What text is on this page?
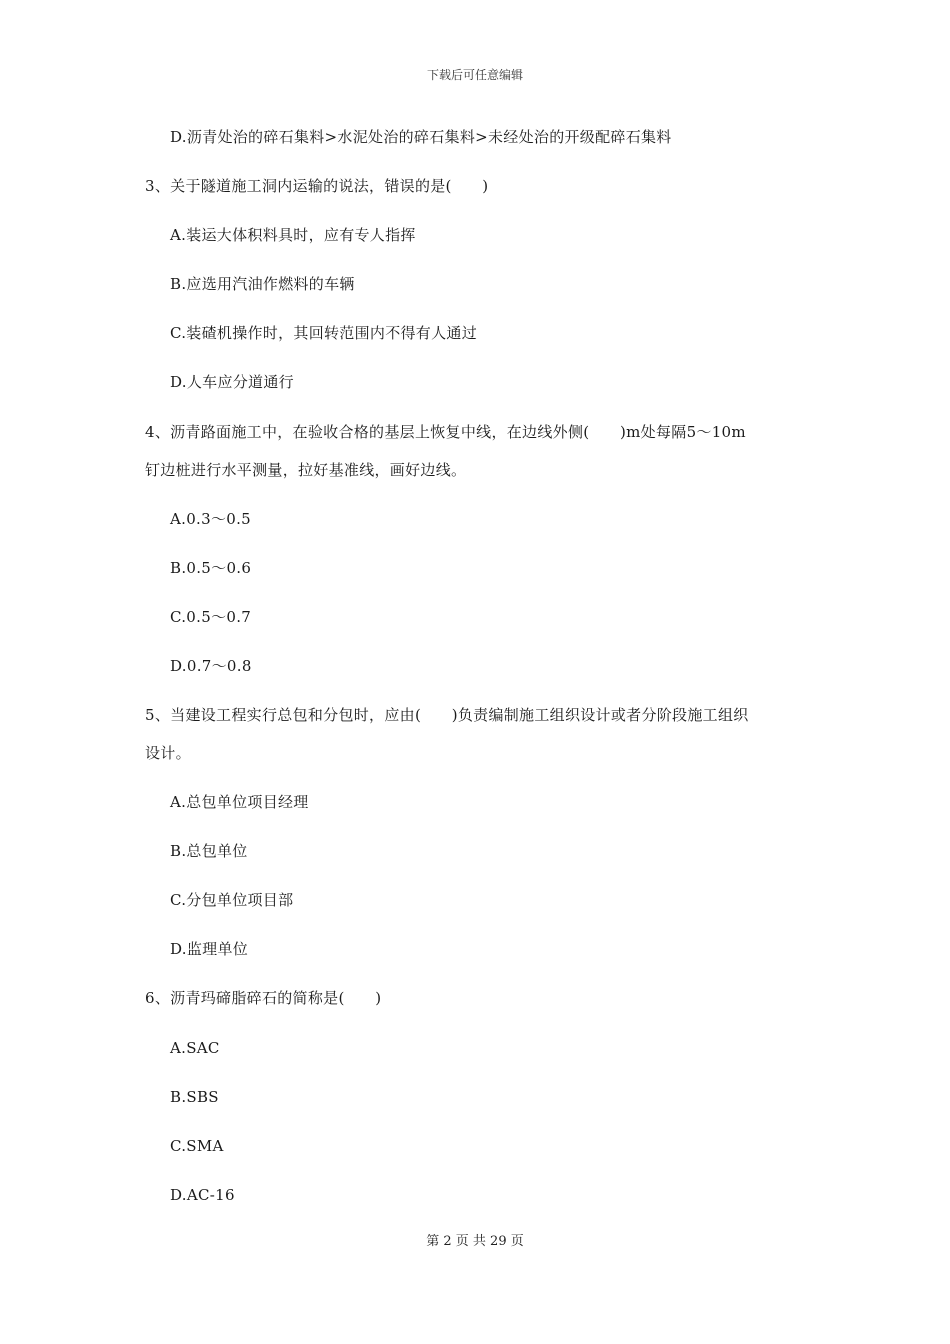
下载后可任意编辑
D.沥青处治的碎石集料>水泥处治的碎石集料>未经处治的开级配碎石集料
3、关于隧道施工洞内运输的说法，错误的是(　　)
A.装运大体积料具时，应有专人指挥
B.应选用汽油作燃料的车辆
C.装碴机操作时，其回转范围内不得有人通过
D.人车应分道通行
4、沥青路面施工中，在验收合格的基层上恢复中线，在边线外侧(　　)m处每隔5～10m
钉边桩进行水平测量，拉好基准线，画好边线。
A.0.3～0.5
B.0.5～0.6
C.0.5～0.7
D.0.7～0.8
5、当建设工程实行总包和分包时，应由(　　)负责编制施工组织设计或者分阶段施工组织
设计。
A.总包单位项目经理
B.总包单位
C.分包单位项目部
D.监理单位
6、沥青玛碲脂碎石的简称是(　　)
A.SAC
B.SBS
C.SMA
D.AC-16
第 2 页 共 29 页
